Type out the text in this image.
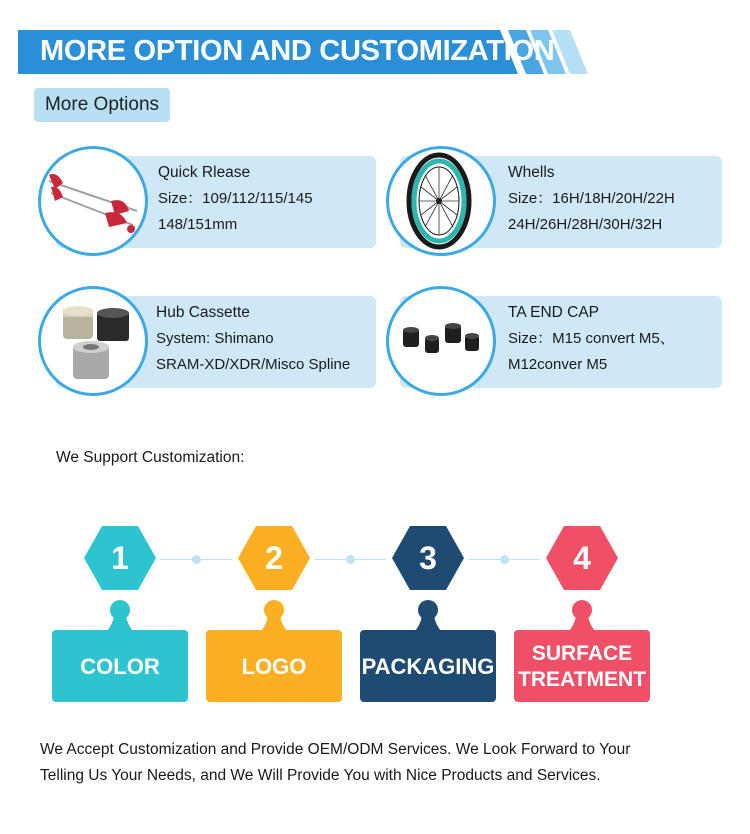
MORE OPTION AND CUSTOMIZATION
More Options
Quick Rlease
Size：109/112/115/145
148/151mm
Whells
Size：16H/18H/20H/22H
24H/26H/28H/30H/32H
Hub Cassette
System: Shimano
SRAM-XD/XDR/Misco Spline
TA END CAP
Size：M15 convert M5、
M12conver M5
We Support Customization:
1
COLOR
2
LOGO
3
PACKAGING
4
SURFACE TREATMENT
We Accept Customization and Provide OEM/ODM Services. We Look Forward to Your Telling Us Your Needs, and We Will Provide You with Nice Products and Services.
